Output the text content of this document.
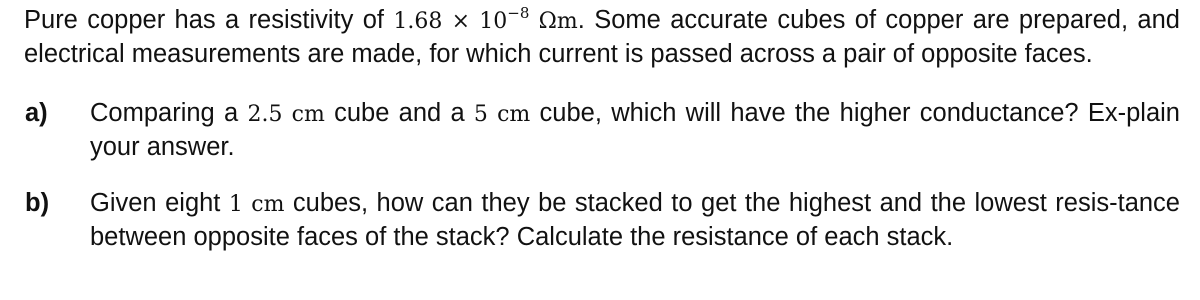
Pure copper has a resistivity of $1.68 \times 10^{-8}$ Ωm. Some accurate cubes of copper are prepared, and electrical measurements are made, for which current is passed across a pair of opposite faces.

a) Comparing a 2.5 cm cube and a 5 cm cube, which will have the higher conductance? Ex-plain your answer.

b) Given eight 1 cm cubes, how can they be stacked to get the highest and the lowest resis-tance between opposite faces of the stack? Calculate the resistance of each stack.
